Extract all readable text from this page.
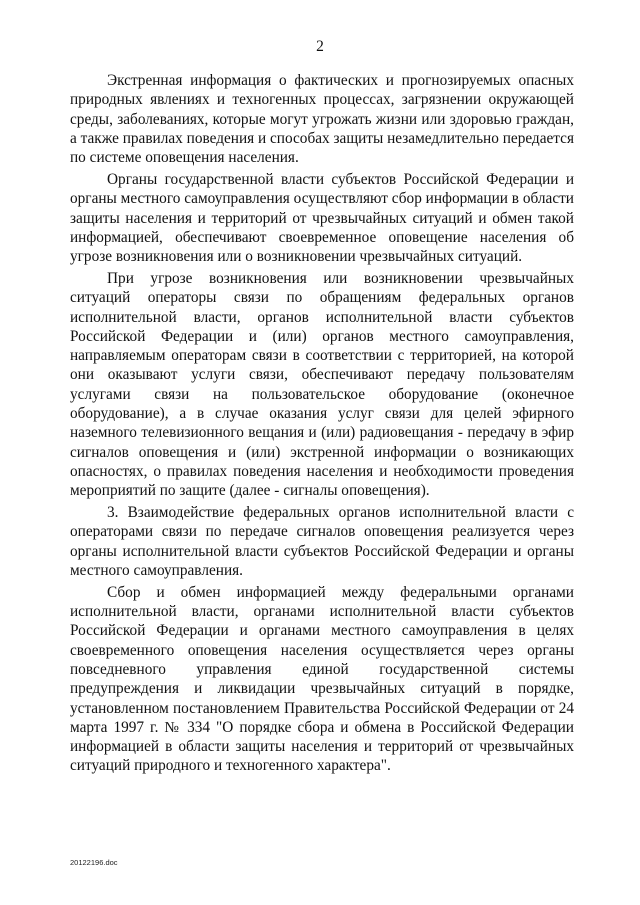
2

Экстренная информация о фактических и прогнозируемых опасных природных явлениях и техногенных процессах, загрязнении окружающей среды, заболеваниях, которые могут угрожать жизни или здоровью граждан, а также правилах поведения и способах защиты незамедлительно передается по системе оповещения населения.

Органы государственной власти субъектов Российской Федерации и органы местного самоуправления осуществляют сбор информации в области защиты населения и территорий от чрезвычайных ситуаций и обмен такой информацией, обеспечивают своевременное оповещение населения об угрозе возникновения или о возникновении чрезвычайных ситуаций.

При угрозе возникновения или возникновении чрезвычайных ситуаций операторы связи по обращениям федеральных органов исполнительной власти, органов исполнительной власти субъектов Российской Федерации и (или) органов местного самоуправления, направляемым операторам связи в соответствии с территорией, на которой они оказывают услуги связи, обеспечивают передачу пользователям услугами связи на пользовательское оборудование (оконечное оборудование), а в случае оказания услуг связи для целей эфирного наземного телевизионного вещания и (или) радиовещания - передачу в эфир сигналов оповещения и (или) экстренной информации о возникающих опасностях, о правилах поведения населения и необходимости проведения мероприятий по защите (далее - сигналы оповещения).

3. Взаимодействие федеральных органов исполнительной власти с операторами связи по передаче сигналов оповещения реализуется через органы исполнительной власти субъектов Российской Федерации и органы местного самоуправления.

Сбор и обмен информацией между федеральными органами исполнительной власти, органами исполнительной власти субъектов Российской Федерации и органами местного самоуправления в целях своевременного оповещения населения осуществляется через органы повседневного управления единой государственной системы предупреждения и ликвидации чрезвычайных ситуаций в порядке, установленном постановлением Правительства Российской Федерации от 24 марта 1997 г. № 334 "О порядке сбора и обмена в Российской Федерации информацией в области защиты населения и территорий от чрезвычайных ситуаций природного и техногенного характера".

20122196.doc
